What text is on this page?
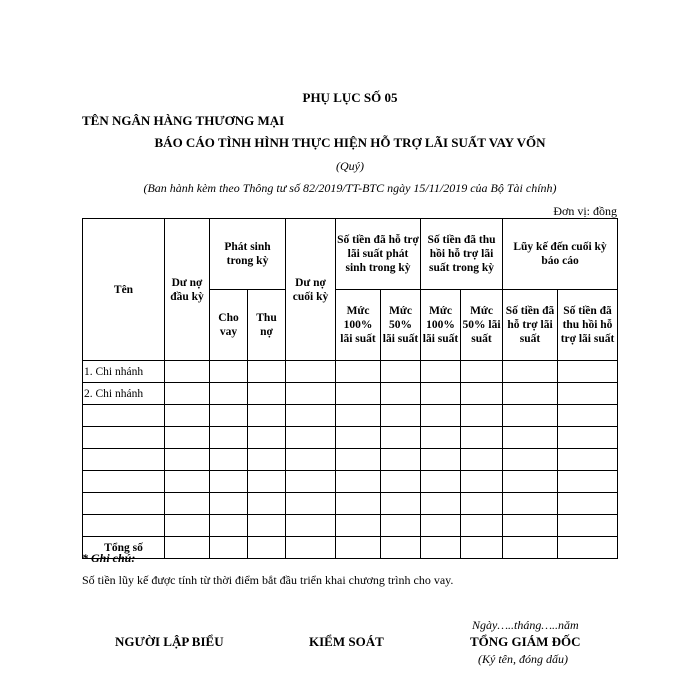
PHỤ LỤC SỐ 05
TÊN NGÂN HÀNG THƯƠNG MẠI
BÁO CÁO TÌNH HÌNH THỰC HIỆN HỖ TRỢ LÃI SUẤT VAY VỐN
(Quý)
(Ban hành kèm theo Thông tư số 82/2019/TT-BTC ngày 15/11/2019 của Bộ Tài chính)
Đơn vị: đồng
Tên	Dư nợ đầu kỳ	Phát sinh trong kỳ		Dư nợ cuối kỳ	Số tiền đã hỗ trợ lãi suất phát sinh trong kỳ		Số tiền đã thu hồi hỗ trợ lãi suất trong kỳ		Lũy kế đến cuối kỳ báo cáo	
		Cho vay	Thu nợ		Mức 100% lãi suất	Mức 50% lãi suất	Mức 100% lãi suất	Mức 50% lãi suất	Số tiền đã hỗ trợ lãi suất	Số tiền đã thu hồi hỗ trợ lãi suất
1. Chi nhánh										
2. Chi nhánh										

Tổng số										
* Ghi chú:
Số tiền lũy kế được tính từ thời điểm bắt đầu triển khai chương trình cho vay.
Ngày…..tháng…..năm
NGƯỜI LẬP BIỂU	KIỂM SOÁT	TỔNG GIÁM ĐỐC
(Ký tên, đóng dấu)
